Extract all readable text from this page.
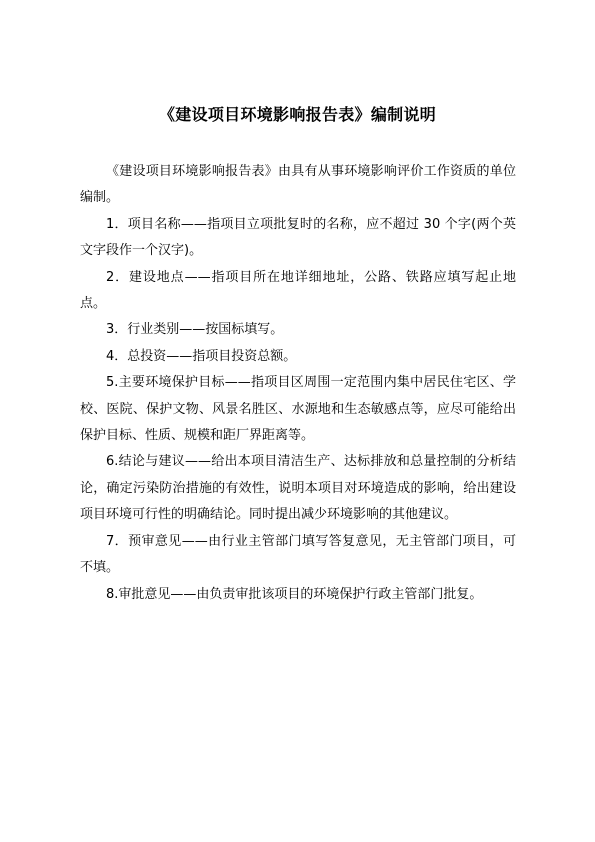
《建设项目环境影响报告表》编制说明

《建设项目环境影响报告表》由具有从事环境影响评价工作资质的单位编制。

1．项目名称——指项目立项批复时的名称，应不超过 30 个字(两个英文字段作一个汉字)。

2．建设地点——指项目所在地详细地址，公路、铁路应填写起止地点。

3．行业类别——按国标填写。

4．总投资——指项目投资总额。

5.主要环境保护目标——指项目区周围一定范围内集中居民住宅区、学校、医院、保护文物、风景名胜区、水源地和生态敏感点等，应尽可能给出保护目标、性质、规模和距厂界距离等。

6.结论与建议——给出本项目清洁生产、达标排放和总量控制的分析结论，确定污染防治措施的有效性，说明本项目对环境造成的影响，给出建设项目环境可行性的明确结论。同时提出减少环境影响的其他建议。

7．预审意见——由行业主管部门填写答复意见，无主管部门项目，可不填。

8.审批意见——由负责审批该项目的环境保护行政主管部门批复。
